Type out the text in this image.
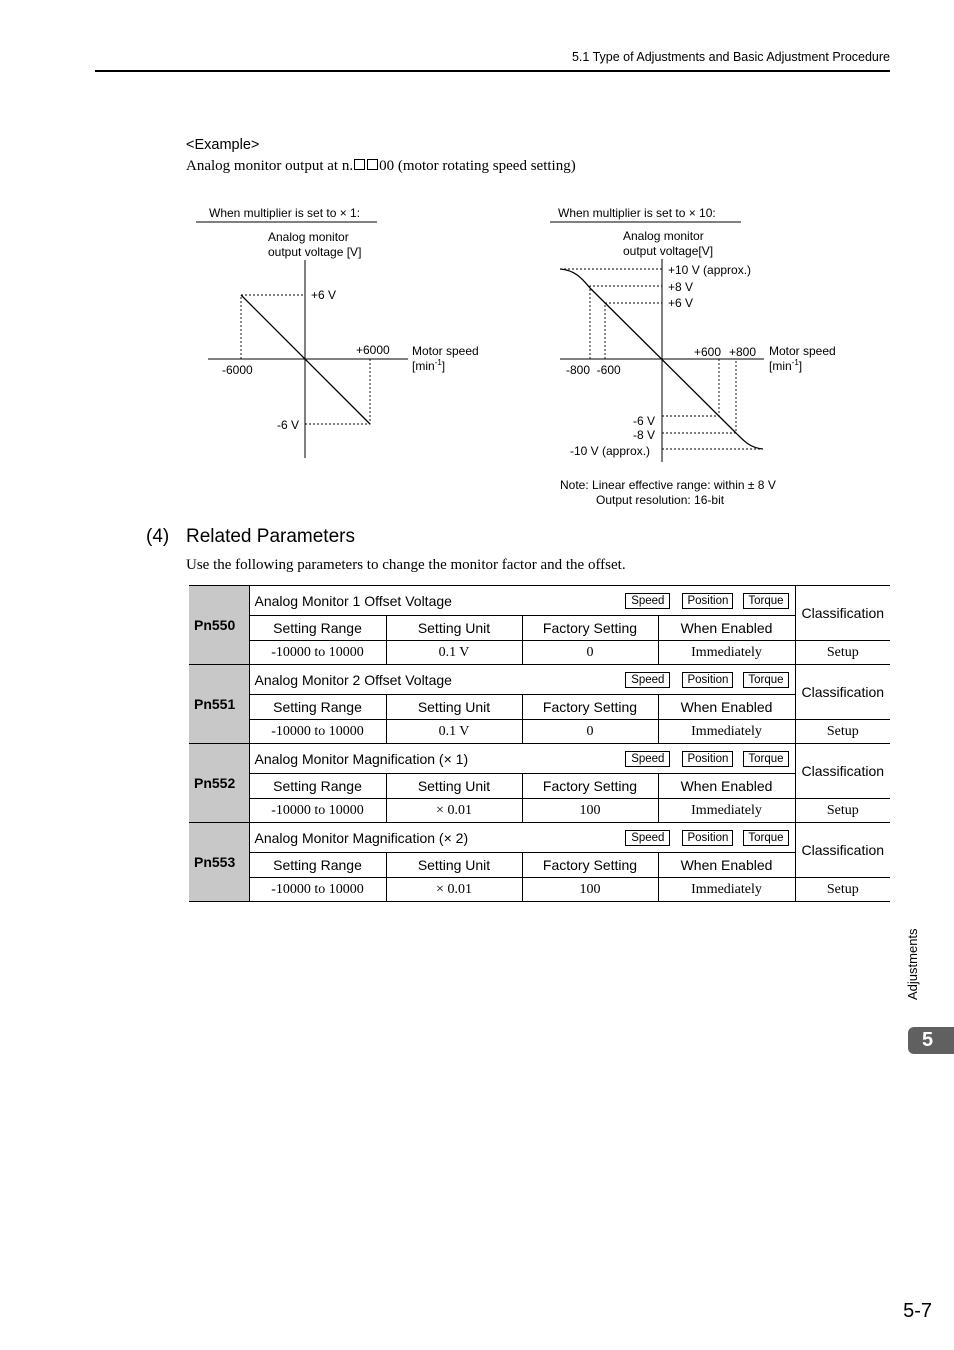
5.1 Type of Adjustments and Basic Adjustment Procedure
<Example>
Analog monitor output at n. 00 (motor rotating speed setting)
When multiplier is set to × 1:
Analog monitor
output voltage [V]
+6 V
-6 V
+6000
-6000
Motor speed
$[\min^{-1}]$
When multiplier is set to × 10:
Analog monitor
output voltage[V]
+10 V (approx.)
+8 V
+6 V
-6 V
-8 V
-10 V (approx.)
+600 +800
-800  -600
Motor speed
$[\min^{-1}]$
Note: Linear effective range: within ± 8 V
Output resolution: 16-bit
(4) Related Parameters
Use the following parameters to change the monitor factor and the offset.
Pn550	Analog Monitor 1 Offset Voltage Speed Position Torque				Classification
	Setting Range	Setting Unit	Factory Setting	When Enabled	
	-10000 to 10000	0.1 V	0	Immediately	Setup
Pn551	Analog Monitor 2 Offset Voltage Speed Position Torque				Classification
	Setting Range	Setting Unit	Factory Setting	When Enabled	
	-10000 to 10000	0.1 V	0	Immediately	Setup
Pn552	Analog Monitor Magnification (× 1) Speed Position Torque				Classification
	Setting Range	Setting Unit	Factory Setting	When Enabled	
	-10000 to 10000	× 0.01	100	Immediately	Setup
Pn553	Analog Monitor Magnification (× 2) Speed Position Torque				Classification
	Setting Range	Setting Unit	Factory Setting	When Enabled	
	-10000 to 10000	× 0.01	100	Immediately	Setup
Adjustments
5
5-7
